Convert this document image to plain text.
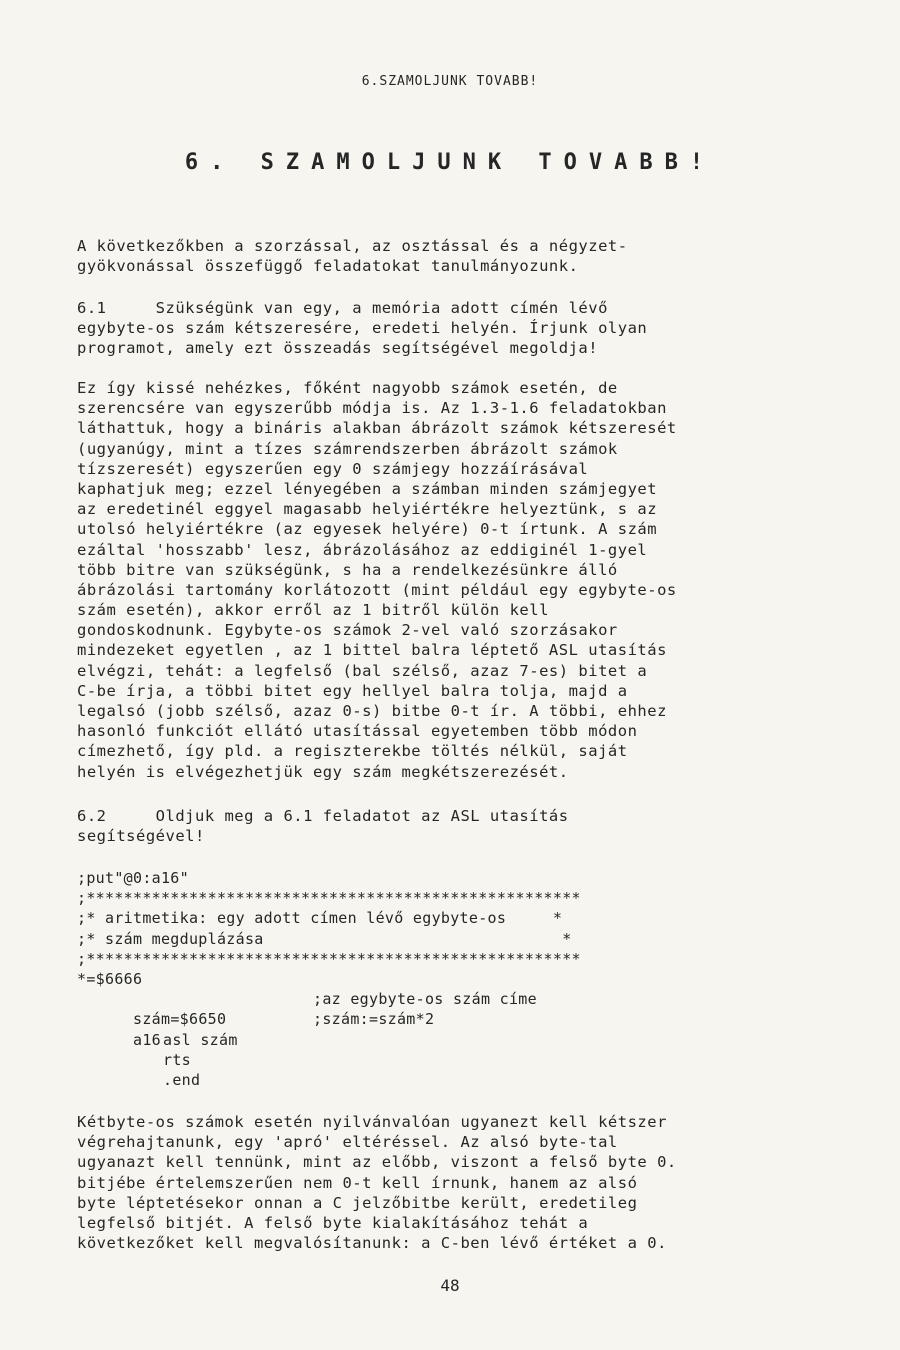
6.SZAMOLJUNK TOVABB!
6. SZAMOLJUNK TOVABB!
A következőkben a szorzással, az osztással és a négyzet-
gyökvonással összefüggő feladatokat tanulmányozunk.
6.1     Szükségünk van egy, a memória adott címén lévő
egybyte-os szám kétszeresére, eredeti helyén. Írjunk olyan
programot, amely ezt összeadás segítségével megoldja!
Ez így kissé nehézkes, főként nagyobb számok esetén, de
szerencsére van egyszerűbb módja is. Az 1.3-1.6 feladatokban
láthattuk, hogy a bináris alakban ábrázolt számok kétszeresét
(ugyanúgy, mint a tízes számrendszerben ábrázolt számok
tízszeresét) egyszerűen egy 0 számjegy hozzáírásával
kaphatjuk meg; ezzel lényegében a számban minden számjegyet
az eredetinél eggyel magasabb helyiértékre helyeztünk, s az
utolsó helyiértékre (az egyesek helyére) 0-t írtunk. A szám
ezáltal 'hosszabb' lesz, ábrázolásához az eddiginél 1-gyel
több bitre van szükségünk, s ha a rendelkezésünkre álló
ábrázolási tartomány korlátozott (mint például egy egybyte-os
szám esetén), akkor erről az 1 bitről külön kell
gondoskodnunk. Egybyte-os számok 2-vel való szorzásakor
mindezeket egyetlen , az 1 bittel balra léptető ASL utasítás
elvégzi, tehát: a legfelső (bal szélső, azaz 7-es) bitet a
C-be írja, a többi bitet egy hellyel balra tolja, majd a
legalsó (jobb szélső, azaz 0-s) bitbe 0-t ír. A többi, ehhez
hasonló funkciót ellátó utasítással egyetemben több módon
címezhető, így pld. a regiszterekbe töltés nélkül, saját
helyén is elvégezhetjük egy szám megkétszerezését.
6.2     Oldjuk meg a 6.1 feladatot az ASL utasítás
segítségével!
;put"@0:a16"
;*****************************************************
;* aritmetika: egy adott címen lévő egybyte-os     *
;* szám megduplázása                                *
;*****************************************************
*=$6666

szám=$6650

;az egybyte-os szám címe

a16

;szám:=szám*2

asl szám
rts
.end
Kétbyte-os számok esetén nyilvánvalóan ugyanezt kell kétszer
végrehajtanunk, egy 'apró' eltéréssel. Az alsó byte-tal
ugyanazt kell tennünk, mint az előbb, viszont a felső byte 0.
bitjébe értelemszerűen nem 0-t kell írnunk, hanem az alsó
byte léptetésekor onnan a C jelzőbitbe került, eredetileg
legfelső bitjét. A felső byte kialakításához tehát a
következőket kell megvalósítanunk: a C-ben lévő értéket a 0.
48
